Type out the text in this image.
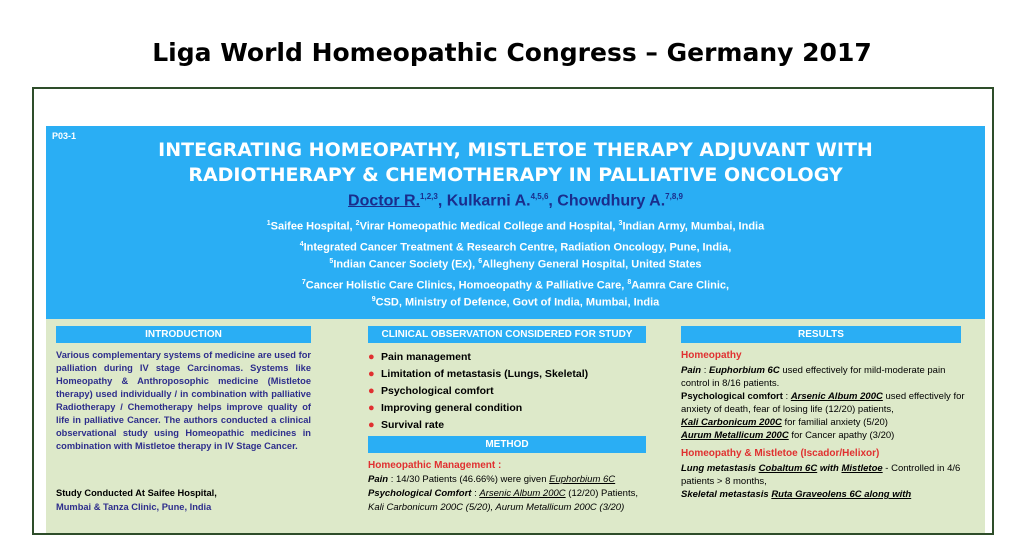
Liga World Homeopathic Congress – Germany 2017
P03-1
INTEGRATING HOMEOPATHY, MISTLETOE THERAPY ADJUVANT WITH
RADIOTHERAPY & CHEMOTHERAPY IN PALLIATIVE ONCOLOGY
Doctor R.$^{1,2,3}$, Kulkarni A.$^{4,5,6}$, Chowdhury A.$^{7,8,9}$
$^1$Saifee Hospital, $^2$Virar Homeopathic Medical College and Hospital, $^3$Indian Army, Mumbai, India
$^4$Integrated Cancer Treatment & Research Centre, Radiation Oncology, Pune, India,
$^5$Indian Cancer Society (Ex), $^6$Allegheny General Hospital, United States
$^7$Cancer Holistic Care Clinics, Homoeopathy & Palliative Care, $^8$Aamra Care Clinic,
$^9$CSD, Ministry of Defence, Govt of India, Mumbai, India
INTRODUCTION	CLINICAL OBSERVATION CONSIDERED FOR STUDY	RESULTS
METHOD
Various complementary systems of medicine are used for palliation during IV stage Carcinomas. Systems like Homeopathy & Anthroposophic medicine (Mistletoe therapy) used individually / in combination with palliative Radiotherapy / Chemotherapy helps improve quality of life in palliative Cancer. The authors conducted a clinical observational study using Homeopathic medicines in combination with Mistletoe therapy in IV Stage Cancer.
Study Conducted At Saifee Hospital,
Mumbai & Tanza Clinic, Pune, India
● Pain management
● Limitation of metastasis (Lungs, Skeletal)
● Psychological comfort
● Improving general condition
● Survival rate
Homeopathic Management :
Pain : 14/30 Patients (46.66%) were given Euphorbium 6C
Psychological Comfort : Arsenic Album 200C (12/20) Patients,
Kali Carbonicum 200C (5/20), Aurum Metallicum 200C (3/20)
Homeopathy
Pain : Euphorbium 6C used effectively for mild-moderate pain control in 8/16 patients.
Psychological comfort : Arsenic Album 200C used effectively for anxiety of death, fear of losing life (12/20) patients,
Kali Carbonicum 200C for familial anxiety (5/20)
Aurum Metallicum 200C for Cancer apathy (3/20)
Homeopathy & Mistletoe (Iscador/Helixor)
Lung metastasis Cobaltum 6C with Mistletoe - Controlled in 4/6 patients > 8 months,
Skeletal metastasis Ruta Graveolens 6C along with
